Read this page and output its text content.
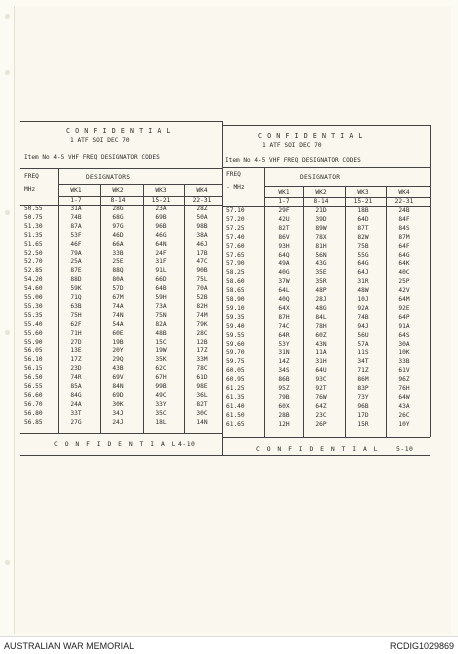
C O N F I D E N T I A L
1 ATF SOI DEC 70
Item No 4-5 VHF FREQ DESIGNATOR CODES
FREQ
MHz
DESIGNATORS
WK1	WK2	WK3	WK4
1-7	8-14	15-21	22-31
50.55	31A	28G	23A	28Z
50.75	74B	68G	69B	50A
51.30	87A	97G	96B	98B
51.35	53F	46D	46G	38A
51.65	46F	66A	64N	46J
52.50	79A	33B	24F	17B
52.70	25A	25E	31F	47C
52.85	87E	88Q	91L	90B
54.20	88D	80A	66D	75L
54.60	59K	57D	64B	70A
55.00	71Q	67M	59H	52B
55.30	63B	74A	73A	82H
55.35	75H	74N	75N	74M
55.40	62F	54A	82A	79K
55.60	71H	60E	48B	28C
55.90	27D	19B	15C	12B
56.05	13E	20Y	19W	17Z
56.10	17Z	29Q	35K	33M
56.15	23D	43B	62C	78C
56.50	74R	69V	67H	61D
56.55	85A	84N	99B	98E
56.60	84G	69D	49C	36L
56.70	24A	30K	33Y	82T
56.80	33T	34J	35C	30C
56.85	27G	24J	18L	14N
C O N F I D E N T I A L 4-10
C O N F I D E N T I A L
1 ATF SOI DEC 70
Item No 4-5 VHF FREQ DESIGNATOR CODES
FREQ
- MHz
DESIGNATOR
WK1	WK2	WK3	WK4
1-7	8-14	15-21	22-31
57.10	29F	21D	18B	24B
57.20	42U	39D	64D	84F
57.25	82T	89W	87T	84S
57.40	86V	78X	82W	87M
57.60	93H	81H	75B	64F
57.65	64Q	56N	55G	64G
57.90	49A	43G	64G	64K
58.25	40G	35E	64J	40C
58.60	37W	35R	31R	25P
58.65	64L	48P	48W	42V
58.90	40Q	28J	10J	64M
59.10	64X	48G	92A	92E
59.35	87H	84L	74B	64P
59.40	74C	78H	94J	91A
59.55	64R	60Z	56U	64S
59.60	53Y	43N	57A	30A
59.70	31N	11A	11S	10K
59.75	14Z	31H	34T	33B
60.05	34S	64U	71Z	61V
60.95	86B	93C	86M	96Z
61.25	95Z	92T	83P	76H
61.35	79B	76W	73Y	64W
61.40	60X	64Z	96B	43A
61.50	28B	23C	17D	26C
61.65	12H	26P	15R	10Y
C O N F I D E N T I A L	5-10
AUSTRALIAN WAR MEMORIAL	RCDIG1029869
